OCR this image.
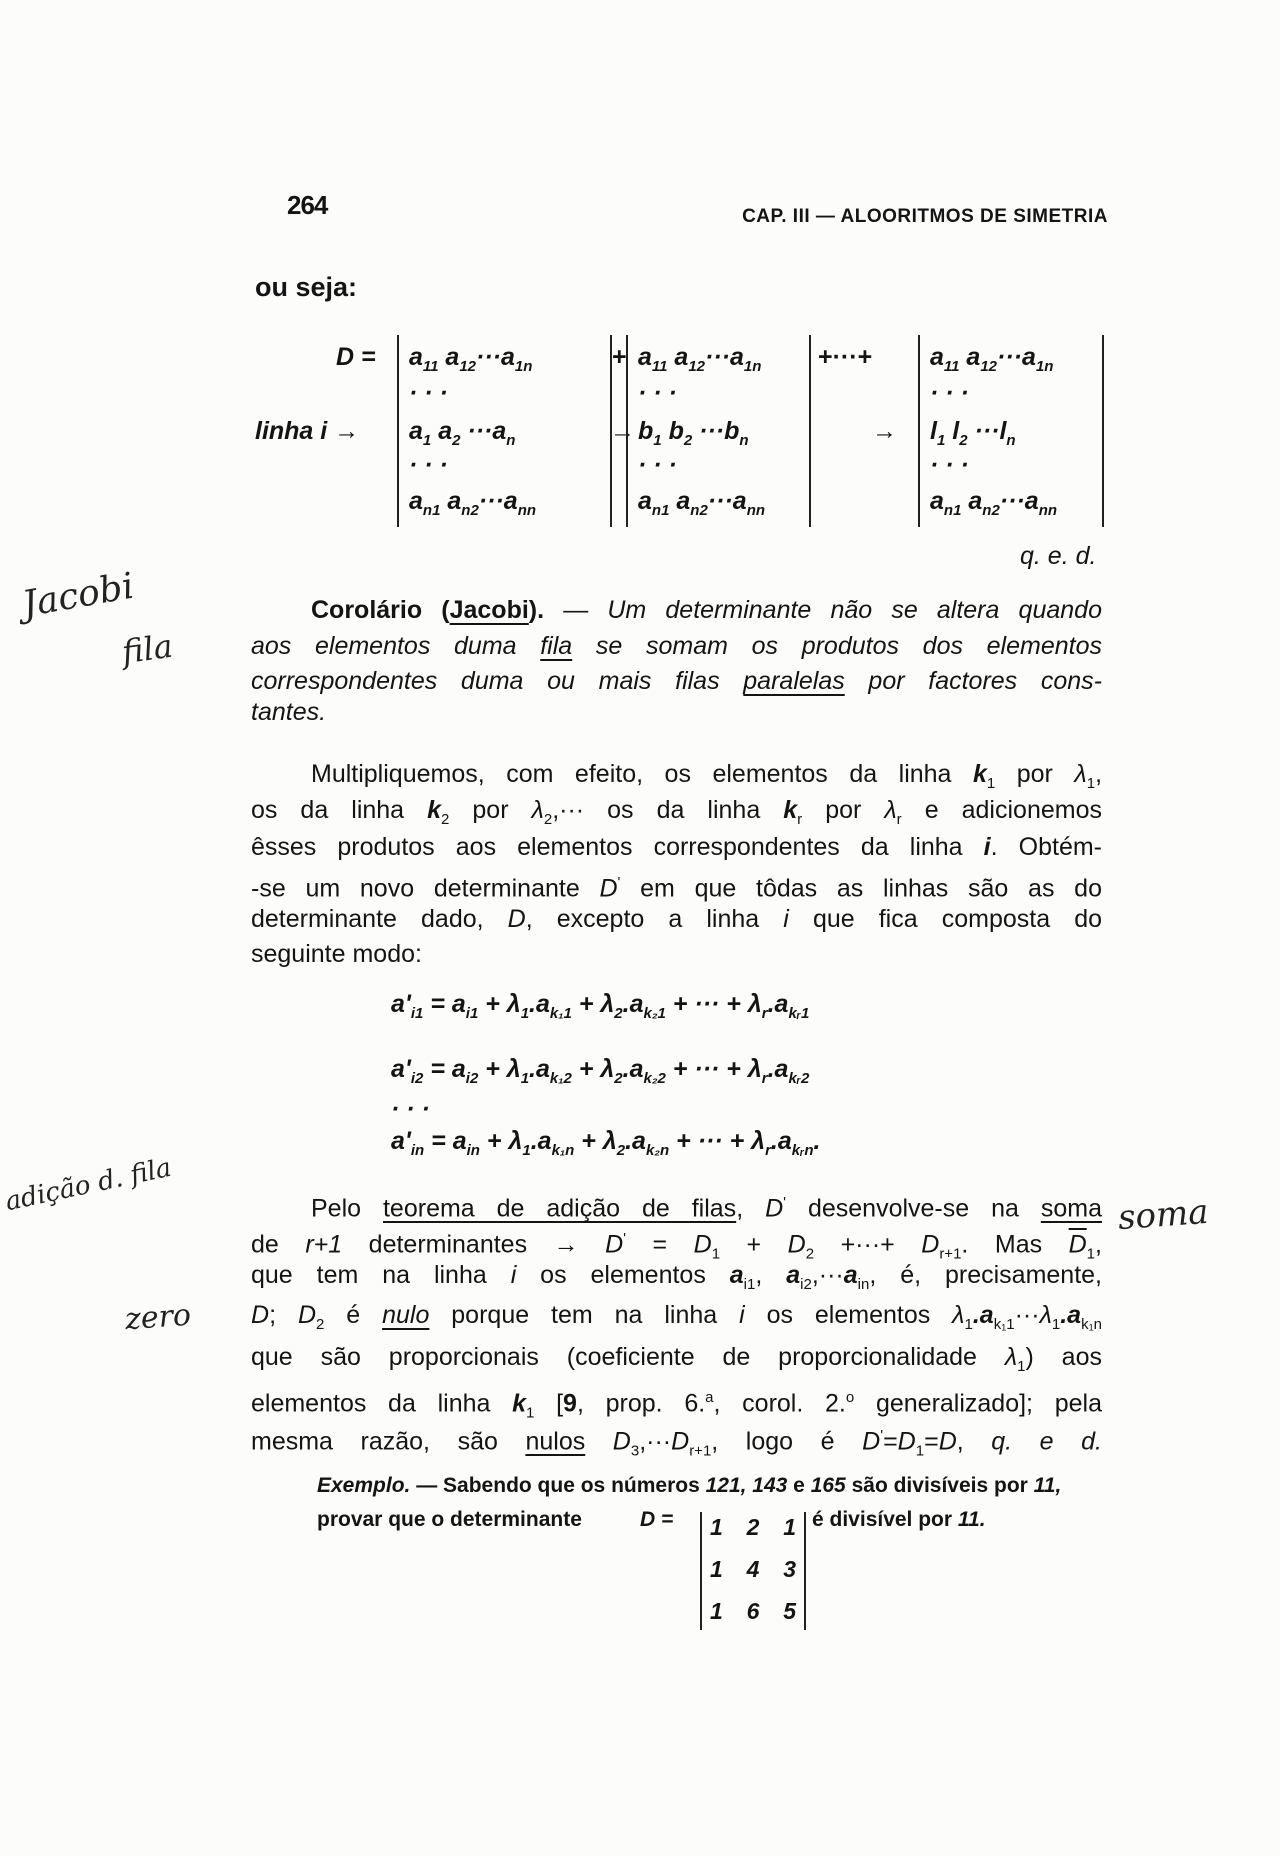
264	CAP. III — ALOORITMOS DE SIMETRIA
ou seja:
D =
linha i →
$a_{11}$ $a_{12}\cdot\cdot\cdot a_{1n}$
· · ·
$a_1$ $a_2 \cdot\cdot\cdot a_n$
· · ·
$a_{n1}$ $a_{n2}\cdot\cdot\cdot a_{nn}$
+
→
$a_{11}$ $a_{12}\cdot\cdot\cdot a_{1n}$
· · ·
$b_1$ $b_2 \cdot\cdot\cdot b_n$
· · ·
$a_{n1}$ $a_{n2}\cdot\cdot\cdot a_{nn}$
+···+
→
$a_{11}$ $a_{12}\cdot\cdot\cdot a_{1n}$
· · ·
$l_1$ $l_2 \cdot\cdot\cdot l_n$
· · ·
$a_{n1}$ $a_{n2}\cdot\cdot\cdot a_{nn}$
q. e. d.
Corolário (Jacobi). — Um determinante não se altera quando
aos elementos duma fila se somam os produtos dos elementos
correspondentes duma ou mais filas paralelas por factores cons-
tantes.
Multipliquemos, com efeito, os elementos da linha $k_1$ por $\lambda_1$,
os da linha $k_2$ por $\lambda_2,\cdot\cdot\cdot$ os da linha $k_r$ por $\lambda_r$ e adicionemos
êsses produtos aos elementos correspondentes da linha i. Obtém-
-se um novo determinante D' em que tôdas as linhas são as do
determinante dado, D, excepto a linha i que fica composta do
seguinte modo:
$a'_{i1} = a_{i1} + \lambda_1.a_{k_11} + \lambda_2.a_{k_21}$ + ··· + $\lambda_r.a_{kᵣ1}$
$a'_{i2} = a_{i2} + \lambda_1.a_{k_12} + \lambda_2.a_{k_22}$ + ··· + $\lambda_r.a_{kᵣ2}$
· · ·
$a'_{in} = a_{in} + \lambda_1.a_{k_1n} + \lambda_2.a_{k_2n}$ + ··· + $\lambda_r.a_{kᵣn}$.
Pelo teorema de adição de filas, D' desenvolve-se na soma
de r+1 determinantes → $D' = D_1 + D_2$ +···+ $D_{r+1}$. Mas $\overline{D}_1$,
que tem na linha i os elementos $a_{i1}$, $a_{i2},\cdot\cdot\cdot a_{in}$, é, precisamente,
D; $D_2$ é nulo porque tem na linha i os elementos $\lambda_1.a_{k_11}\cdot\cdot\cdot\lambda_1.a_{k_1n}$
que são proporcionais (coeficiente de proporcionalidade $\lambda_1$) aos
elementos da linha $k_1$ [9, prop. 6.$^a$, corol. 2.$^o$ generalizado]; pela
mesma razão, são nulos $D_3,\cdot\cdot\cdot D_{r+1}$, logo é $D'=D_1=D$, q. e d.
Exemplo. — Sabendo que os números 121, 143 e 165 são divisíveis por 11,
provar que o determinante	D = 1 2 1
1 4 3
1 6 5
é divisível por 11.
Jacobi
fila
adição d. fila
zero
soma
